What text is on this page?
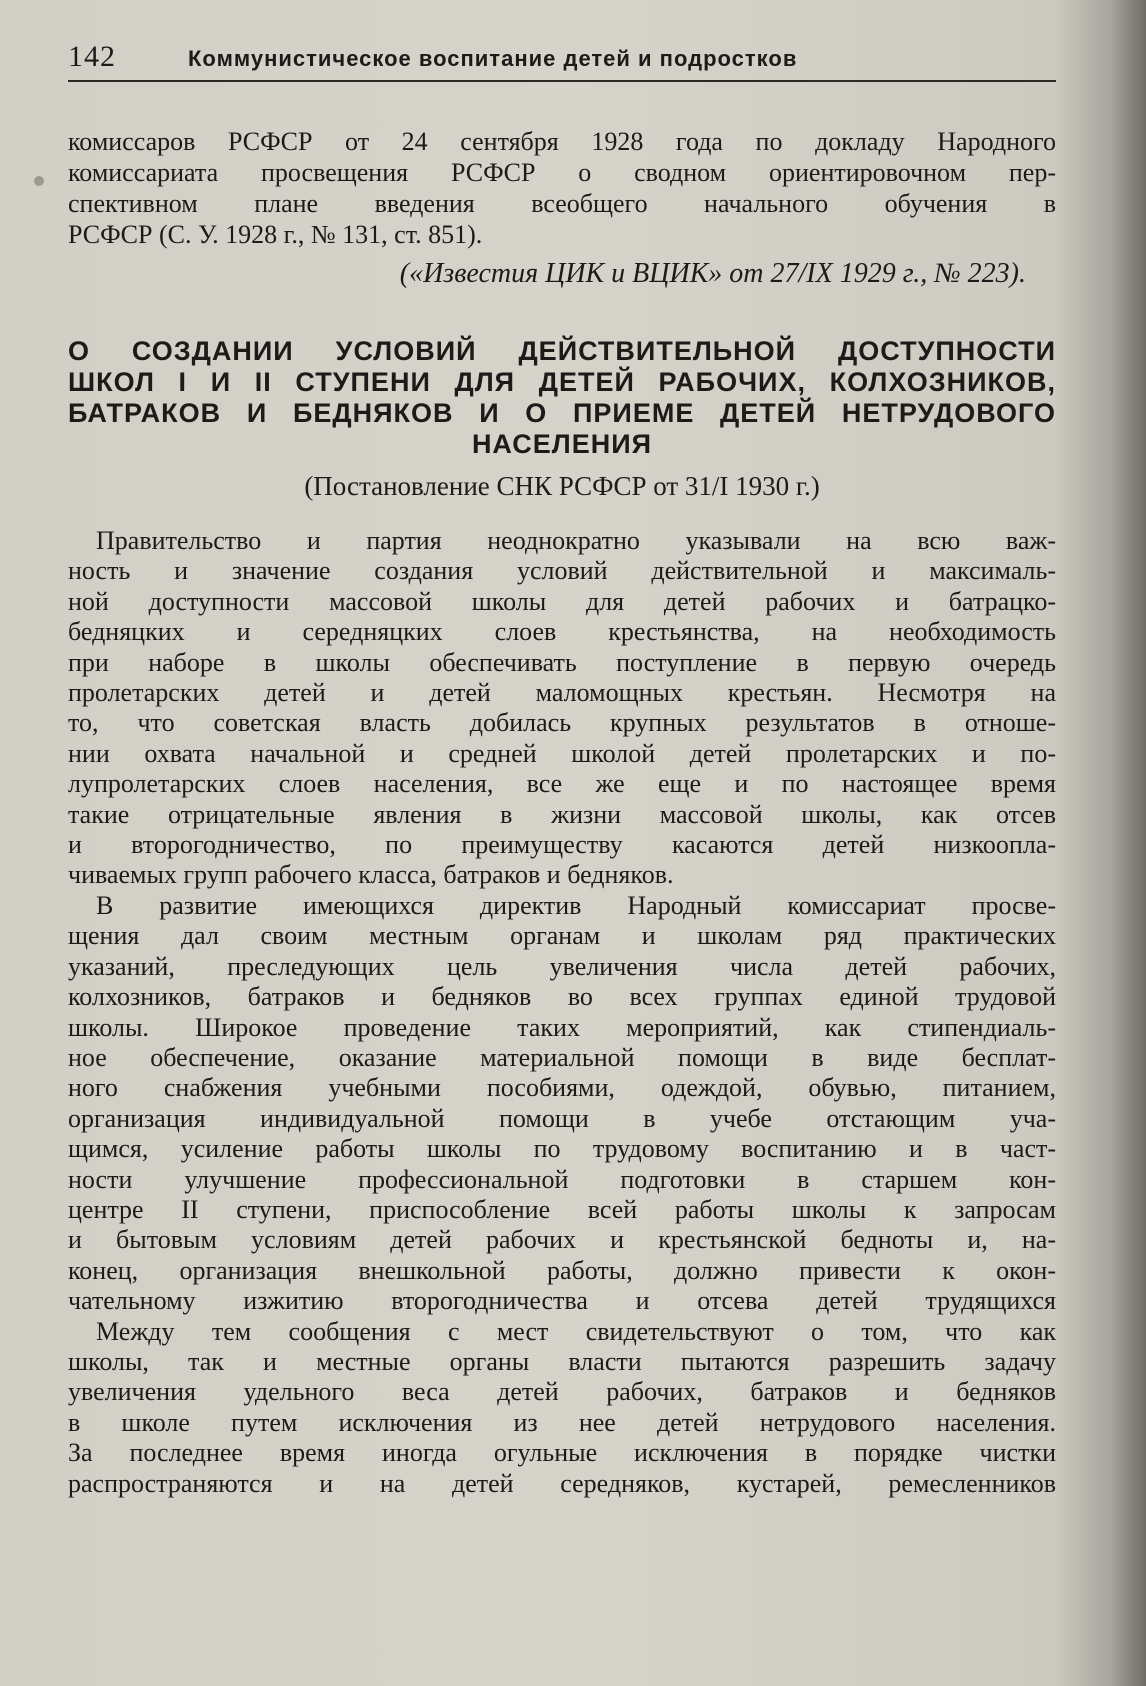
142	Коммунистическое воспитание детей и подростков
комиссаров РСФСР от 24 сентября 1928 года по докладу Народного
комиссариата просвещения РСФСР о сводном ориентировочном пер-
спективном плане введения всеобщего начального обучения в
РСФСР (С. У. 1928 г., № 131, ст. 851).
(«Известия ЦИК и ВЦИК» от 27/IX 1929 г., № 223).
О СОЗДАНИИ УСЛОВИЙ ДЕЙСТВИТЕЛЬНОЙ ДОСТУПНОСТИ
ШКОЛ I И II СТУПЕНИ ДЛЯ ДЕТЕЙ РАБОЧИХ, КОЛХОЗНИКОВ,
БАТРАКОВ И БЕДНЯКОВ И О ПРИЕМЕ ДЕТЕЙ НЕТРУДОВОГО
НАСЕЛЕНИЯ
(Постановление СНК РСФСР от 31/I 1930 г.)
Правительство и партия неоднократно указывали на всю важ-
ность и значение создания условий действительной и максималь-
ной доступности массовой школы для детей рабочих и батрацко-
бедняцких и середняцких слоев крестьянства, на необходимость
при наборе в школы обеспечивать поступление в первую очередь
пролетарских детей и детей маломощных крестьян. Несмотря на
то, что советская власть добилась крупных результатов в отноше-
нии охвата начальной и средней школой детей пролетарских и по-
лупролетарских слоев населения, все же еще и по настоящее время
такие отрицательные явления в жизни массовой школы, как отсев
и второгодничество, по преимуществу касаются детей низкоопла-
чиваемых групп рабочего класса, батраков и бедняков.
В развитие имеющихся директив Народный комиссариат просве-
щения дал своим местным органам и школам ряд практических
указаний, преследующих цель увеличения числа детей рабочих,
колхозников, батраков и бедняков во всех группах единой трудовой
школы. Широкое проведение таких мероприятий, как стипендиаль-
ное обеспечение, оказание материальной помощи в виде бесплат-
ного снабжения учебными пособиями, одеждой, обувью, питанием,
организация индивидуальной помощи в учебе отстающим уча-
щимся, усиление работы школы по трудовому воспитанию и в част-
ности улучшение профессиональной подготовки в старшем кон-
центре II ступени, приспособление всей работы школы к запросам
и бытовым условиям детей рабочих и крестьянской бедноты и, на-
конец, организация внешкольной работы, должно привести к окон-
чательному изжитию второгодничества и отсева детей трудящихся
Между тем сообщения с мест свидетельствуют о том, что как
школы, так и местные органы власти пытаются разрешить задачу
увеличения удельного веса детей рабочих, батраков и бедняков
в школе путем исключения из нее детей нетрудового населения.
За последнее время иногда огульные исключения в порядке чистки
распространяются и на детей середняков, кустарей, ремесленников
